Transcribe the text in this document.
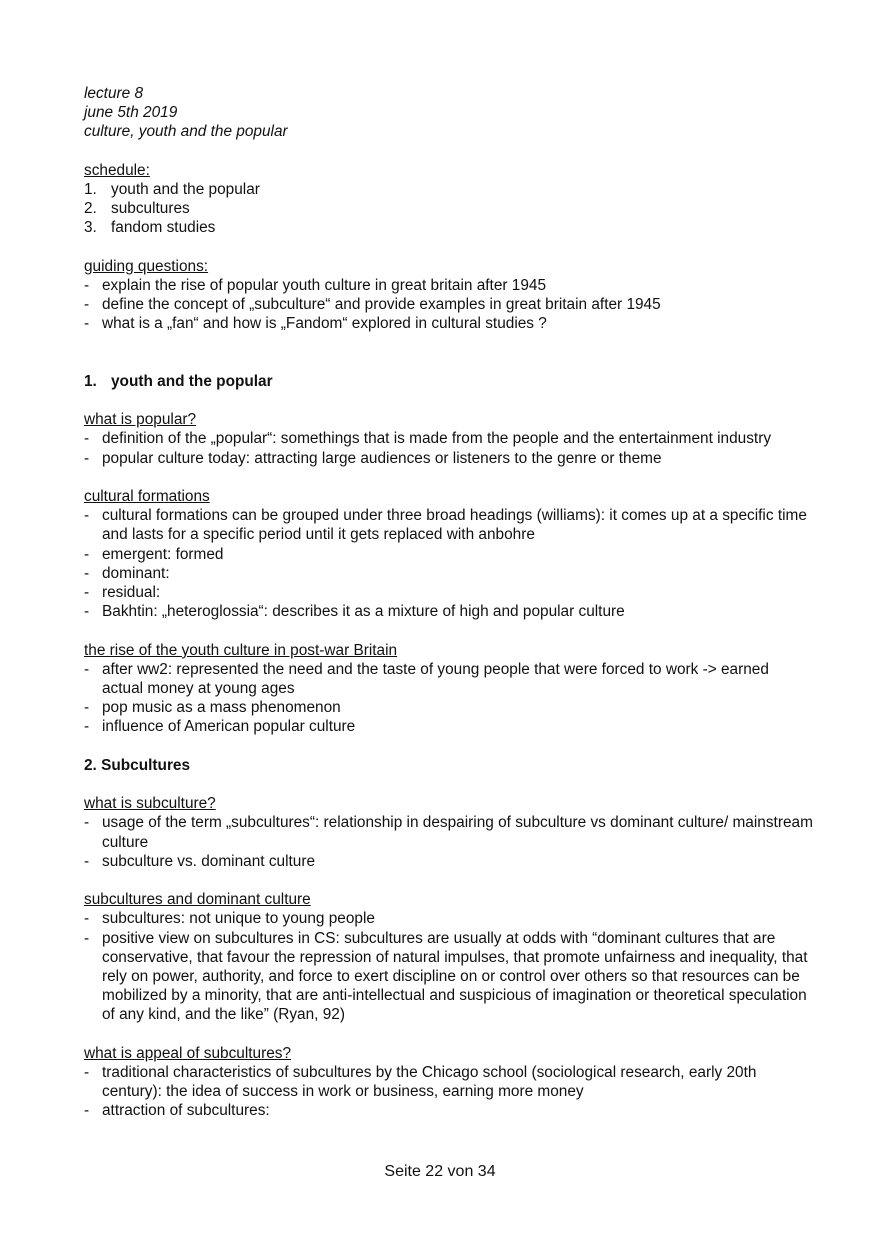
lecture 8
june 5th 2019
culture, youth and the popular
schedule:
1. youth and the popular
2. subcultures
3. fandom studies
guiding questions:
- explain the rise of popular youth culture in great britain after 1945
- define the concept of „subculture“ and provide examples in great britain after 1945
- what is a „fan“ and how is „Fandom“ explored in cultural studies ?
1. youth and the popular
what is popular?
- definition of the „popular“: somethings that is made from the people and the entertainment industry
- popular culture today: attracting large audiences or listeners to the genre or theme
cultural formations
- cultural formations can be grouped under three broad headings (williams): it comes up at a specific time and lasts for a specific period until it gets replaced with anbohre
- emergent: formed
- dominant:
- residual:
- Bakhtin: „heteroglossia“: describes it as a mixture of high and popular culture
the rise of the youth culture in post-war Britain
- after ww2: represented the need and the taste of young people that were forced to work -> earned actual money at young ages
- pop music as a mass phenomenon
- influence of American popular culture
2. Subcultures
what is subculture?
- usage of the term „subcultures“: relationship in despairing of subculture vs dominant culture/ mainstream culture
- subculture vs. dominant culture
subcultures and dominant culture
- subcultures: not unique to young people
- positive view on subcultures in CS: subcultures are usually at odds with “dominant cultures that are conservative, that favour the repression of natural impulses, that promote unfairness and inequality, that rely on power, authority, and force to exert discipline on or control over others so that resources can be mobilized by a minority, that are anti-intellectual and suspicious of imagination or theoretical speculation of any kind, and the like” (Ryan, 92)
what is appeal of subcultures?
- traditional characteristics of subcultures by the Chicago school (sociological research, early 20th century): the idea of success in work or business, earning more money
- attraction of subcultures:
Seite 22 von 34
